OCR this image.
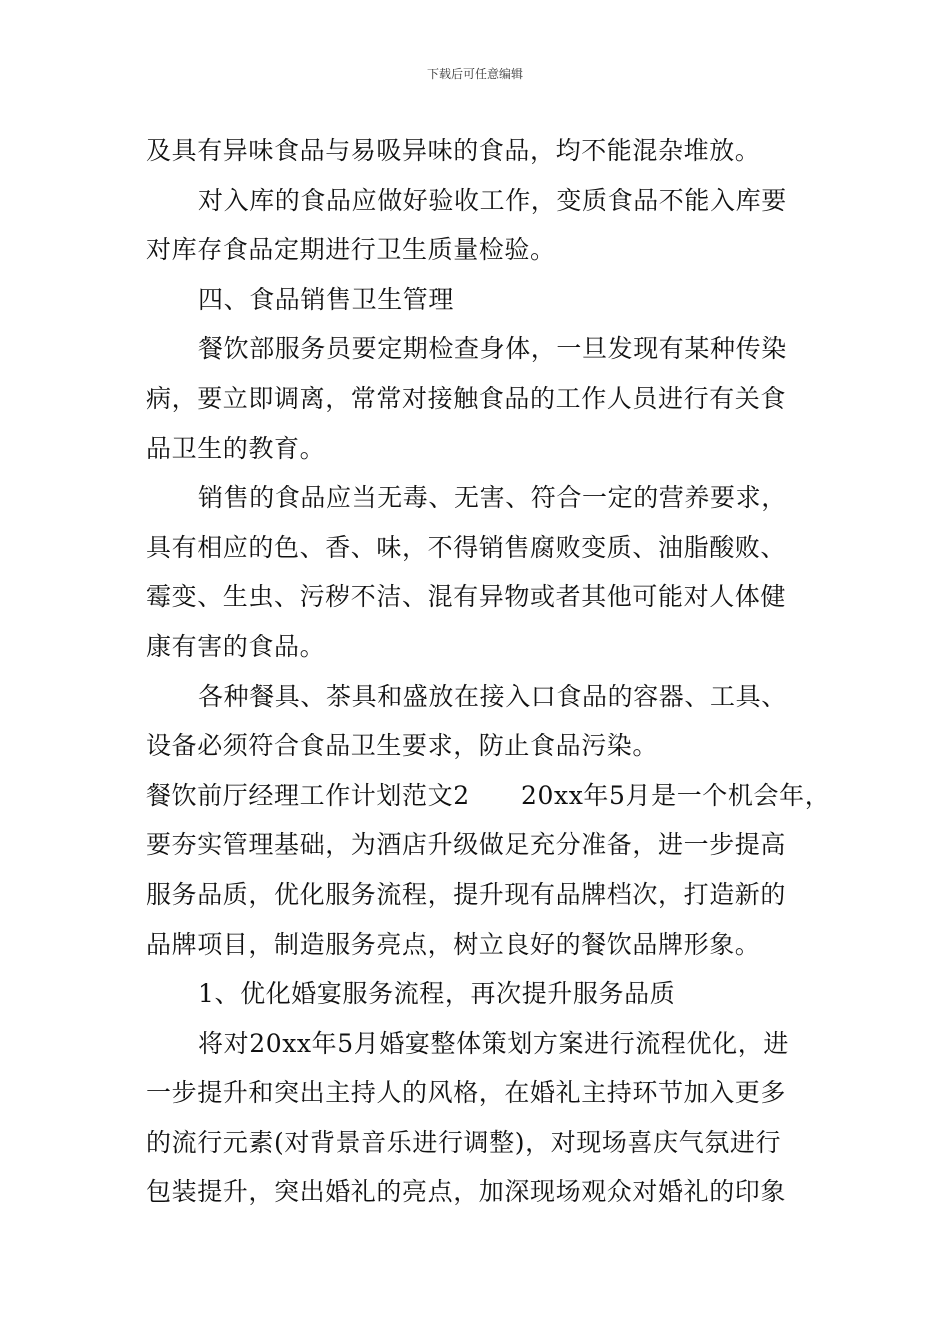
下载后可任意编辑
及具有异味食品与易吸异味的食品，均不能混杂堆放。
对入库的食品应做好验收工作，变质食品不能入库要
对库存食品定期进行卫生质量检验。
四、食品销售卫生管理
餐饮部服务员要定期检查身体，一旦发现有某种传染
病，要立即调离，常常对接触食品的工作人员进行有关食
品卫生的教育。
销售的食品应当无毒、无害、符合一定的营养要求，
具有相应的色、香、味，不得销售腐败变质、油脂酸败、
霉变、生虫、污秽不洁、混有异物或者其他可能对人体健
康有害的食品。
各种餐具、茶具和盛放在接入口食品的容器、工具、
设备必须符合食品卫生要求，防止食品污染。
餐饮前厅经理工作计划范文2      20xx年5月是一个机会年，
要夯实管理基础，为酒店升级做足充分准备，进一步提高
服务品质，优化服务流程，提升现有品牌档次，打造新的
品牌项目，制造服务亮点，树立良好的餐饮品牌形象。
1、优化婚宴服务流程，再次提升服务品质
将对20xx年5月婚宴整体策划方案进行流程优化，进
一步提升和突出主持人的风格，在婚礼主持环节加入更多
的流行元素(对背景音乐进行调整)，对现场喜庆气氛进行
包装提升，突出婚礼的亮点，加深现场观众对婚礼的印象
